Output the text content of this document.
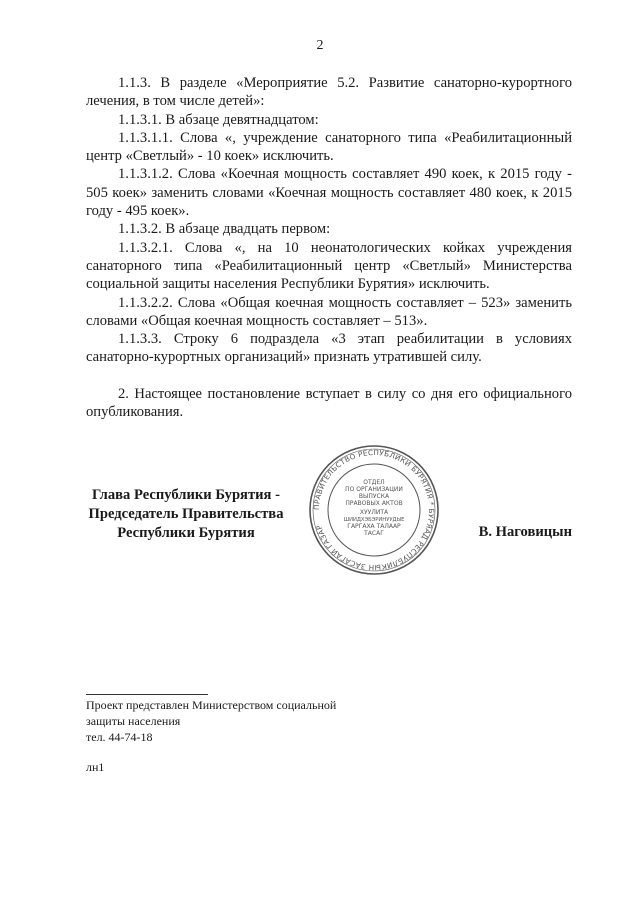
2

1.1.3. В разделе «Мероприятие 5.2. Развитие санаторно-курортного лечения, в том числе детей»:

1.1.3.1. В абзаце девятнадцатом:

1.1.3.1.1. Слова «, учреждение санаторного типа «Реабилитационный центр «Светлый» - 10 коек» исключить.

1.1.3.1.2. Слова «Коечная мощность составляет 490 коек, к 2015 году - 505 коек» заменить словами «Коечная мощность составляет 480 коек, к 2015 году - 495 коек».

1.1.3.2. В абзаце двадцать первом:

1.1.3.2.1. Слова «, на 10 неонатологических койках учреждения санаторного типа «Реабилитационный центр «Светлый» Министерства социальной защиты населения Республики Бурятия» исключить.

1.1.3.2.2. Слова «Общая коечная мощность составляет – 523» заменить словами «Общая коечная мощность составляет – 513».

1.1.3.3. Строку 6 подраздела «3 этап реабилитации в условиях санаторно-курортных организаций» признать утратившей силу.

2. Настоящее постановление вступает в силу со дня его официального опубликования.

Глава Республики Бурятия -
Председатель Правительства
Республики Бурятия
ПРАВИТЕЛЬСТВО РЕСПУБЛИКИ БУРЯТИЯ * БУРЯАД РЕСПУБЛИКЫН ЗАСАГАЙ ГАЗАР
ОТДЕЛ
ПО ОРГАНИЗАЦИИ
ВЫПУСКА
ПРАВОВЫХ АКТОВ
ХУУЛИТА
ШИИДХЭБЭРИНУУДЫЕ
ГАРГАХА ТАЛААР
ТАСАГ	В. Наговицын
Проект представлен Министерством социальной
защиты населения
тел. 44-74-18
лн1
